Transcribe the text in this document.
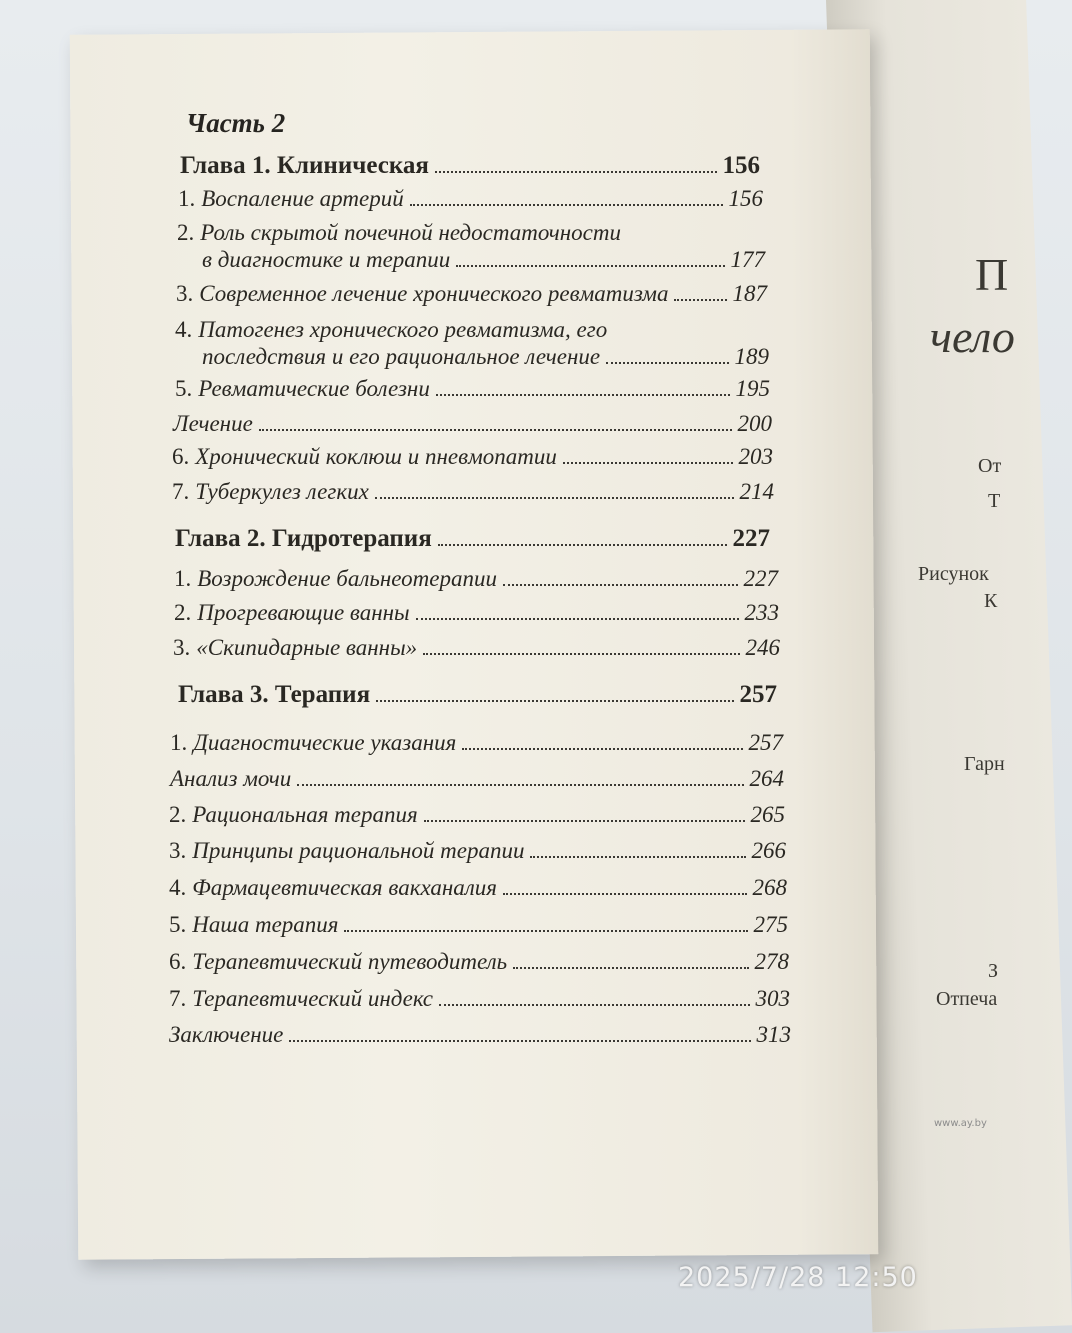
П
чело
От
Т
Рисунок
К
Гарн
З
Отпеча
Часть 2
Глава 1. Клиническая	156
1. Воспаление артерий	156
2. Роль скрытой почечной недостаточности
в диагностике и терапии	177
3. Современное лечение хронического ревматизма	187
4. Патогенез хронического ревматизма, его
последствия и его рациональное лечение	189
5. Ревматические болезни	195
Лечение	200
6. Хронический коклюш и пневмопатии	203
7. Туберкулез легких	214
Глава 2. Гидротерапия	227
1. Возрождение бальнеотерапии	227
2. Прогревающие ванны	233
3. «Скипидарные ванны»	246
Глава 3. Терапия	257
1. Диагностические указания	257
Анализ мочи	264
2. Рациональная терапия	265
3. Принципы рациональной терапии	266
4. Фармацевтическая вакханалия	268
5. Наша терапия	275
6. Терапевтический путеводитель	278
7. Терапевтический индекс	303
Заключение	313
www.ay.by
2025/7/28 12:50
